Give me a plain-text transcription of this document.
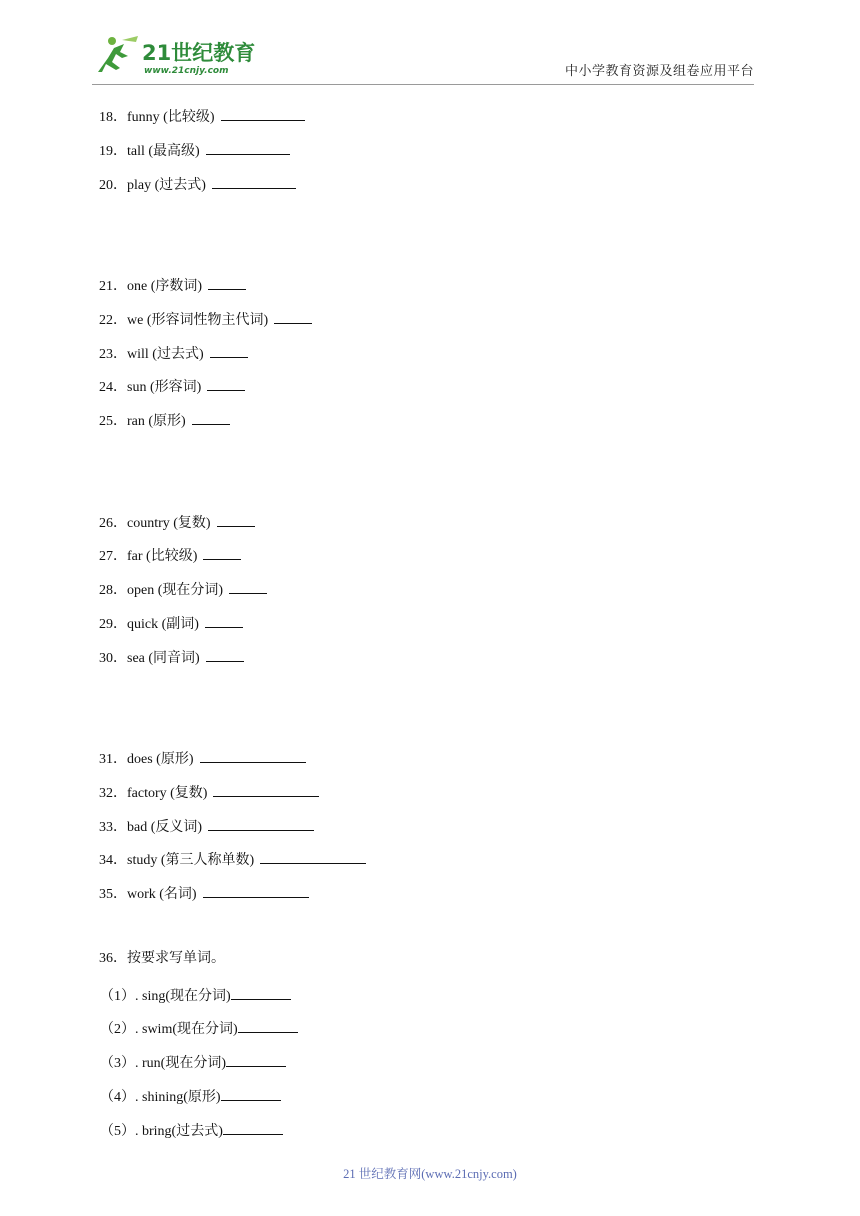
21世纪教育
www.21cnjy.com	中小学教育资源及组卷应用平台
18．funny (比较级)
19．tall (最高级)
20．play (过去式)
21．one (序数词)
22．we (形容词性物主代词)
23．will (过去式)
24．sun (形容词)
25．ran (原形)
26．country (复数)
27．far (比较级)
28．open (现在分词)
29．quick (副词)
30．sea (同音词)
31．does (原形)
32．factory (复数)
33．bad (反义词)
34．study (第三人称单数)
35．work (名词)
36．按要求写单词。
（1）. sing(现在分词)
（2）. swim(现在分词)
（3）. run(现在分词)
（4）. shining(原形)
（5）. bring(过去式)
21 世纪教育网(www.21cnjy.com)
